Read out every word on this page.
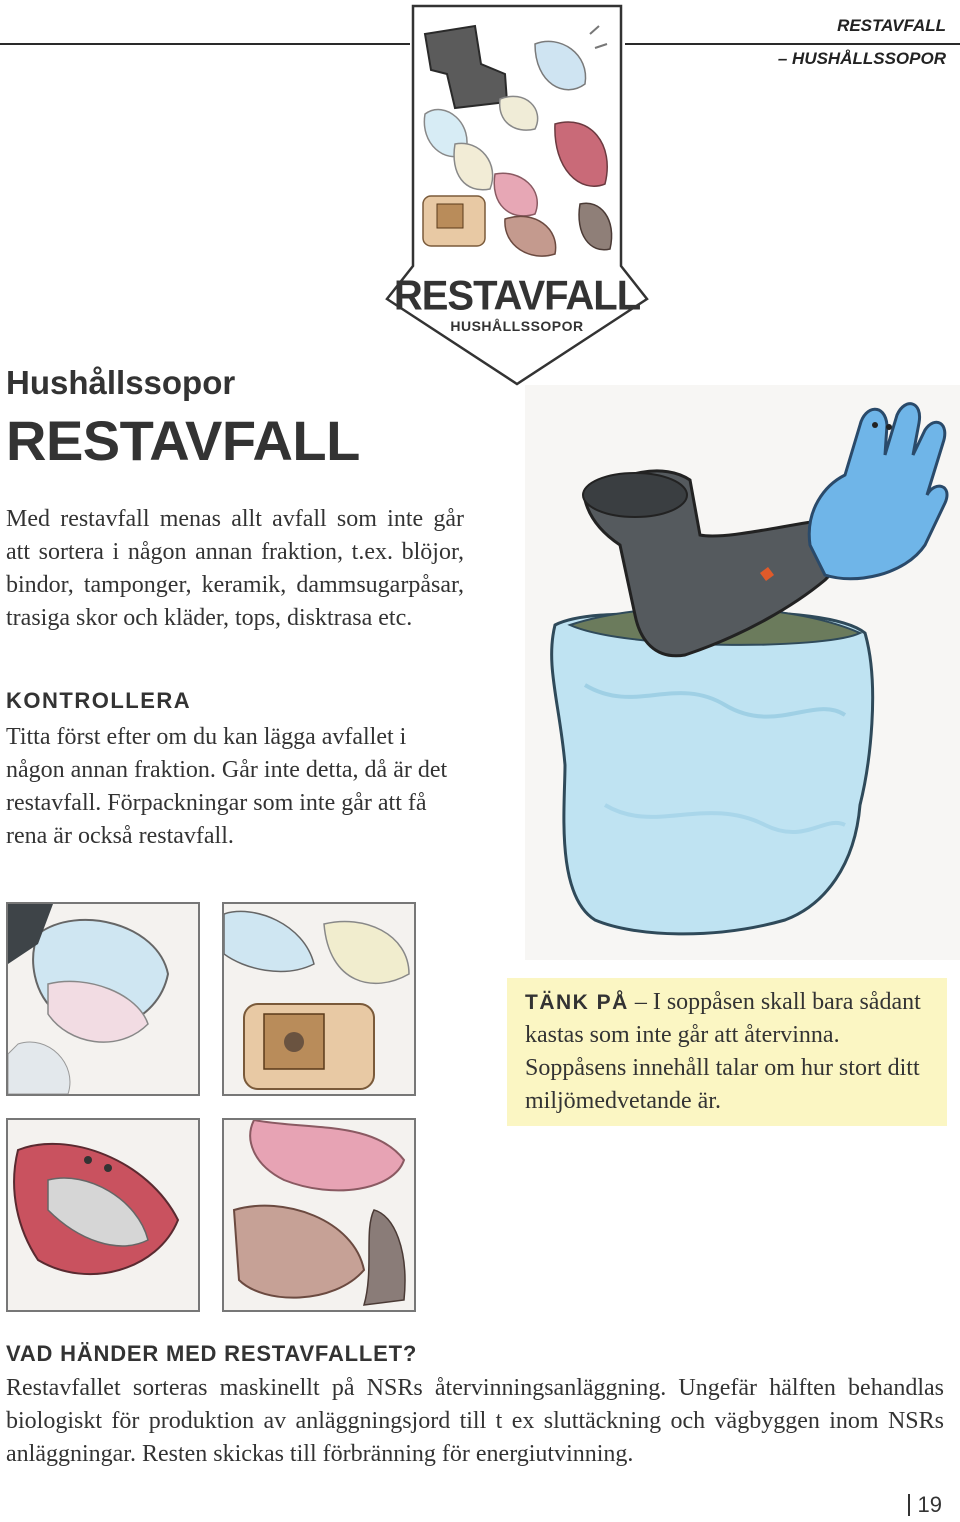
RESTAVFALL
– HUSHÅLLSSOPOR
RESTAVFALL
HUSHÅLLSSOPOR
Hushållssopor
RESTAVFALL
Med restavfall menas allt avfall som inte går att sortera i någon annan fraktion, t.ex. blöjor, bindor, tamponger, keramik, dammsugarpåsar, trasiga skor och kläder, tops, disktrasa etc.
KONTROLLERA
Titta först efter om du kan lägga avfallet i någon annan fraktion. Går inte detta, då är det restavfall. Förpackningar som inte går att få rena är också restavfall.
TÄNK PÅ – I soppåsen skall bara sådant kastas som inte går att återvinna. Soppåsens innehåll talar om hur stort ditt miljömedvetande är.
VAD HÄNDER MED RESTAVFALLET?
Restavfallet sorteras maskinellt på NSRs återvinningsanläggning. Ungefär hälften behandlas biologiskt för produktion av anläggningsjord till t ex sluttäckning och vägbyggen inom NSRs anläggningar. Resten skickas till förbränning för energiutvinning.
19
